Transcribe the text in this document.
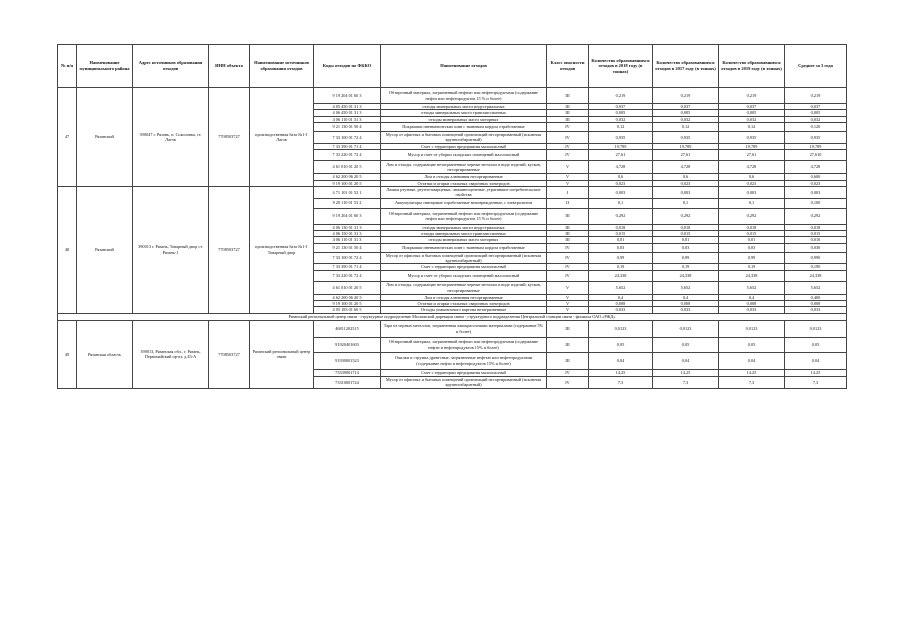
№ п/п	Наименование муниципального района	Адрес источников образования отходов	ИНН объекта	Наименование источников образования отходов	Коды отходов по ФККО	Наименование отходов	Класс опасности отходов	Количество образовавшихся отходов в 2018 году (в тоннах)	Количество образовавшихся отходов в 2017 году (в тоннах)	Количество образовавшихся отходов в 2019 году (в тоннах)	Среднее за 3 года
47	Рязанский	390047 г. Рязань, п. Соколовка, ст. Лагов	7708503727	производственная база №1-1 Лагов	9 19 204 01 60 3	Обтирочный материал, загрязненный нефтью или нефтепродуктами (содержание нефти или нефтепродуктов 15 % и более)	III	0,219	0,219	0,219	0,219
					4 05 450 01 31 3	отходы минеральных масел индустриальных	III	0,037	0,037	0,037	0,037
					4 06 450 01 31 3	отходы минеральных масел трансмиссионных	III	0,005	0,005	0,005	0,005
					4 06 110 01 31 3	отходы минеральных масел моторных	III	0,032	0,032	0,032	0,032
					9 21 130 01 50 4	Покрышки пневматических шин с тканевым кордом отработанные	IV	0,12	0,12	0,12	0,120
					7 33 100 01 72 4	Мусор от офисных и бытовых помещений организаций несортированный (исключая крупногабаритный)	IV	0,935	0,935	0,935	0,935
					7 33 390 01 71 4	Смет с территории предприятия малоопасный	IV	19,789	19,789	19,789	19,789
					7 33 220 01 72 4	Мусор и смет от уборки складских помещений малоопасный	IV	27,61	27,61	27,61	27,610
					4 61 010 01 20 5	Лом и отходы, содержащие незагрязненные черные металлы в виде изделий, кусков, несортированные	V	4,728	4,728	4,728	4,728
					4 62 200 06 20 5	Лом и отходы алюминия несортированные	V	0,6	0,6	0,6	0,600
					9 19 100 01 20 5	Остатки и огарки стальных сварочных электродов	V	0,023	0,023	0,023	0,023
48	Рязанский	390013 г. Рязань, Товарный двор ст. Рязань-1	7708503727	производственная база №1-1 Товарный двор	4 71 101 01 52 1	Лампы ртутные, ртутно-кварцевые, люминесцентные, утратившие потребительские свойства	I	0,003	0,003	0,003	0,003
					9 20 110 01 53 2	Аккумуляторы свинцовые отработанные неповрежденные, с электролитом	II	0,1	0,1	0,1	0,100
					9 19 204 01 60 3	Обтирочный материал, загрязненный нефтью или нефтепродуктами (содержание нефти или нефтепродуктов 15 % и более)	III	0,292	0,292	0,292	0,292
					4 06 130 01 31 3	отходы минеральных масел индустриальных	III	0,018	0,018	0,018	0,018
					4 06 150 01 31 3	отходы минеральных масел трансмиссионных	III	0,015	0,015	0,015	0,015
					4 06 110 01 31 3	отходы минеральных масел моторных	III	0,01	0,01	0,01	0,010
					9 21 130 01 50 4	Покрышки пневматических шин с тканевым кордом отработанные	IV	0,03	0,03	0,03	0,030
					7 33 100 01 72 4	Мусор от офисных и бытовых помещений организаций несортированный (исключая крупногабаритный)	IV	0,99	0,99	0,99	0,990
					7 33 390 01 71 4	Смет с территории предприятия малоопасный	IV	0,19	0,19	0,19	0,190
					7 33 220 01 72 4	Мусор и смет от уборки складских помещений малоопасный	IV	24,338	24,338	24,338	24,338
					4 61 010 01 20 5	Лом и отходы, содержащие незагрязненные черные металлы в виде изделий, кусков, несортированные	V	5,652	5,652	5,652	5,652
					4 62 200 06 20 5	Лом и отходы алюминия несортированные	V	0,4	0,4	0,4	0,400
					9 19 100 01 20 5	Остатки и огарки стальных сварочных электродов	V	0,008	0,008	0,008	0,008
					4 05 183 01 60 5	Отходы упаковочного картона незагрязненные	V	0,033	0,033	0,033	0,033
Рязанский региональный центр связи - структурное подразделение Московской дирекции связи - структурного подразделения Центральной станции связи - филиала ОАО «РЖД»											
49	Рязанская область	390013, Рязанская обл., г. Рязань, Первомайский пр-кт, д.43-А	7708503727	Рязанский региональный центр связи	46811202515	Тара из черных металлов, загрязненная лакокрасочными материалами (содержание 5% и более)	III	0,0123	0,0123	0,0123	0,0123
					91920401603	Обтирочный материал, загрязненный нефтью или нефтепродуктами (содержание нефти и нефтепродуктов 15% и более)	III	0,05	0,05	0,05	0,05
					91930001523	Опилки и стружка древесные, загрязненные нефтью или нефтепродуктами (содержание нефти и нефтепродуктов 15% и более)	III	0,04	0,04	0,04	0,04
					73339001714	Смет с территории предприятия малоопасный	IV	14,25	14,25	14,25	14,25
					73310001724	Мусор от офисных и бытовых помещений организаций несортированный (исключая крупногабаритный)	IV	7,3	7,3	7,3	7,3
